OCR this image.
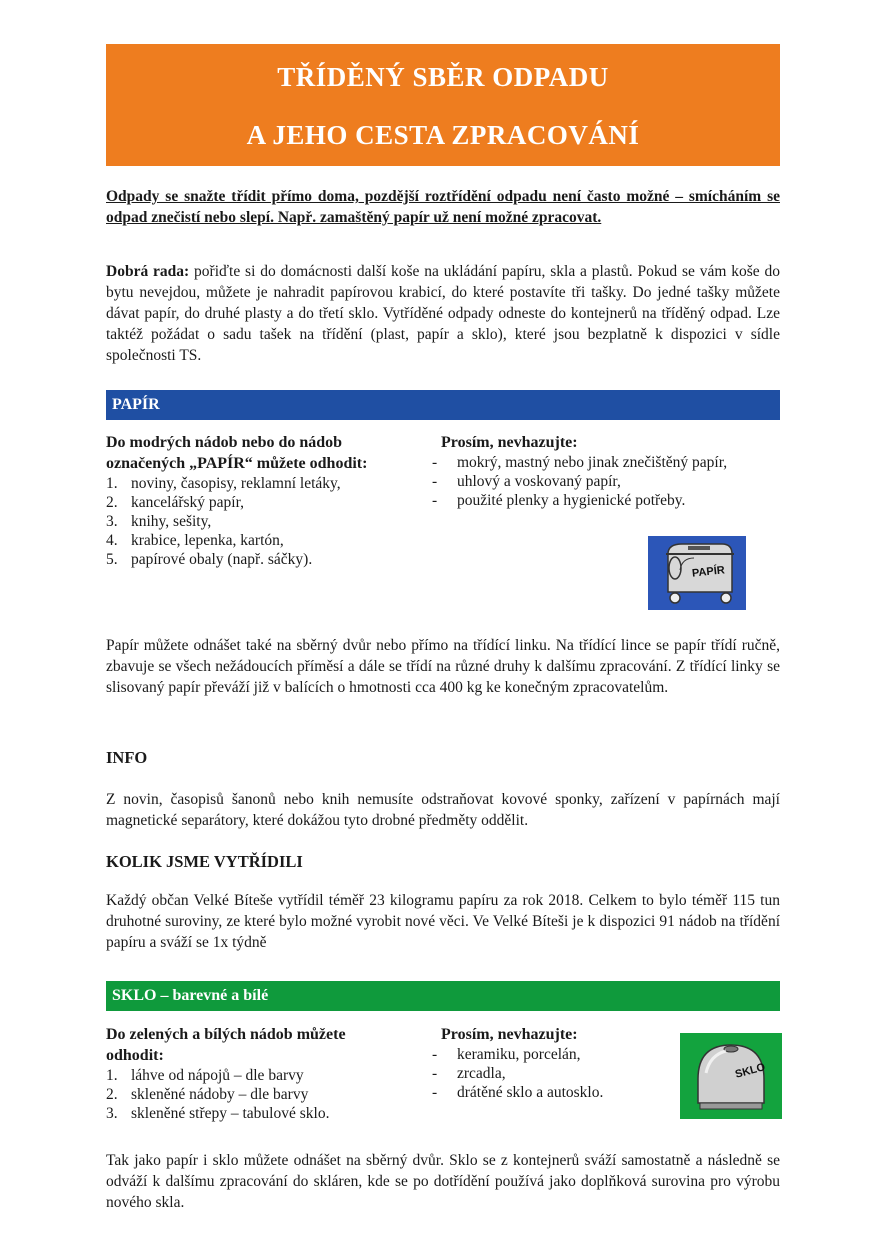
TŘÍDĚNÝ SBĚR ODPADU
A JEHO CESTA ZPRACOVÁNÍ
Odpady se snažte třídit přímo doma, pozdější roztřídění odpadu není často možné – smícháním se odpad znečistí nebo slepí. Např. zamaštěný papír už není možné zpracovat.
Dobrá rada: pořiďte si do domácnosti další koše na ukládání papíru, skla a plastů. Pokud se vám koše do bytu nevejdou, můžete je nahradit papírovou krabicí, do které postavíte tři tašky. Do jedné tašky můžete dávat papír, do druhé plasty a do třetí sklo. Vytříděné odpady odneste do kontejnerů na tříděný odpad. Lze taktéž požádat o sadu tašek na třídění (plast, papír a sklo), které jsou bezplatně k dispozici v sídle společnosti TS.
PAPÍR
Do modrých nádob nebo do nádob
označených „PAPÍR“ můžete odhodit:
1. noviny, časopisy, reklamní letáky,
2. kancelářský papír,
3. knihy, sešity,
4. krabice, lepenka, kartón,
5. papírové obaly (např. sáčky).
Prosím, nevhazujte:
- mokrý, mastný nebo jinak znečištěný papír,
- uhlový a voskovaný papír,
- použité plenky a hygienické potřeby.
PAPÍR
Papír můžete odnášet také na sběrný dvůr nebo přímo na třídící linku. Na třídící lince se papír třídí ručně, zbavuje se všech nežádoucích příměsí a dále se třídí na různé druhy k dalšímu zpracování. Z třídící linky se slisovaný papír převáží již v balících o hmotnosti cca 400 kg ke konečným zpracovatelům.
INFO
Z novin, časopisů šanonů nebo knih nemusíte odstraňovat kovové sponky, zařízení v papírnách mají magnetické separátory, které dokážou tyto drobné předměty oddělit.
KOLIK JSME VYTŘÍDILI
Každý občan Velké Bíteše vytřídil téměř 23 kilogramu papíru za rok 2018. Celkem to bylo téměř 115 tun druhotné suroviny, ze které bylo možné vyrobit nové věci. Ve Velké Bíteši je k dispozici 91 nádob na třídění papíru a sváží se 1x týdně
SKLO – barevné a bílé
Do zelených a bílých nádob můžete
odhodit:
1. láhve od nápojů – dle barvy
2. skleněné nádoby – dle barvy
3. skleněné střepy – tabulové sklo.
Prosím, nevhazujte:
- keramiku, porcelán,
- zrcadla,
- drátěné sklo a autosklo.
SKLO
Tak jako papír i sklo můžete odnášet na sběrný dvůr. Sklo se z kontejnerů sváží samostatně a následně se odváží k dalšímu zpracování do skláren, kde se po dotřídění používá jako doplňková surovina pro výrobu nového skla.
